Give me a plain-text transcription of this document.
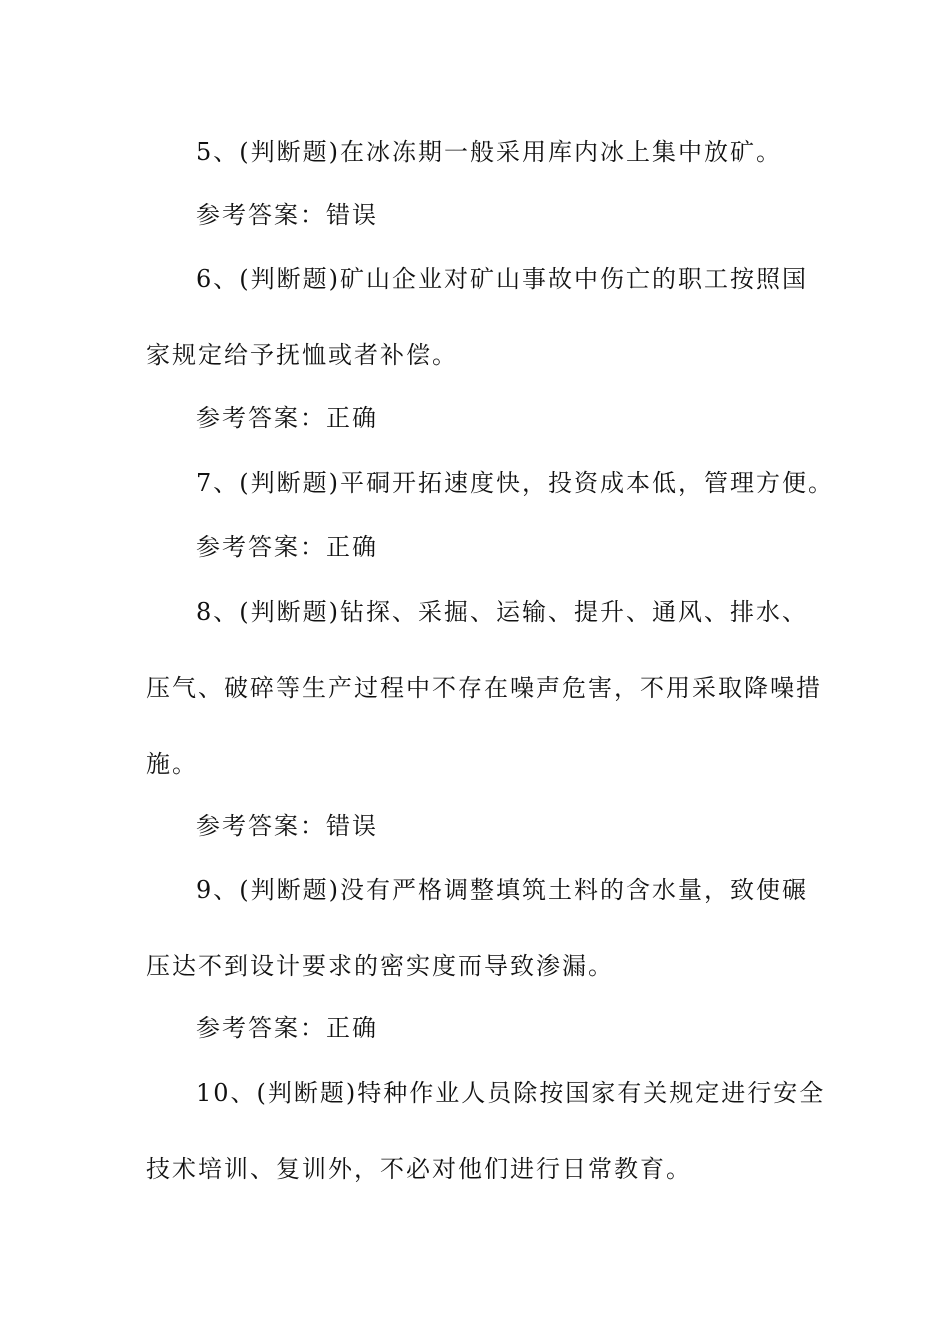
5、(判断题)在冰冻期一般采用库内冰上集中放矿。
参考答案：错误
6、(判断题)矿山企业对矿山事故中伤亡的职工按照国
家规定给予抚恤或者补偿。
参考答案：正确
7、(判断题)平硐开拓速度快，投资成本低，管理方便。
参考答案：正确
8、(判断题)钻探、采掘、运输、提升、通风、排水、
压气、破碎等生产过程中不存在噪声危害，不用采取降噪措
施。
参考答案：错误
9、(判断题)没有严格调整填筑土料的含水量，致使碾
压达不到设计要求的密实度而导致渗漏。
参考答案：正确
10、(判断题)特种作业人员除按国家有关规定进行安全
技术培训、复训外，不必对他们进行日常教育。
